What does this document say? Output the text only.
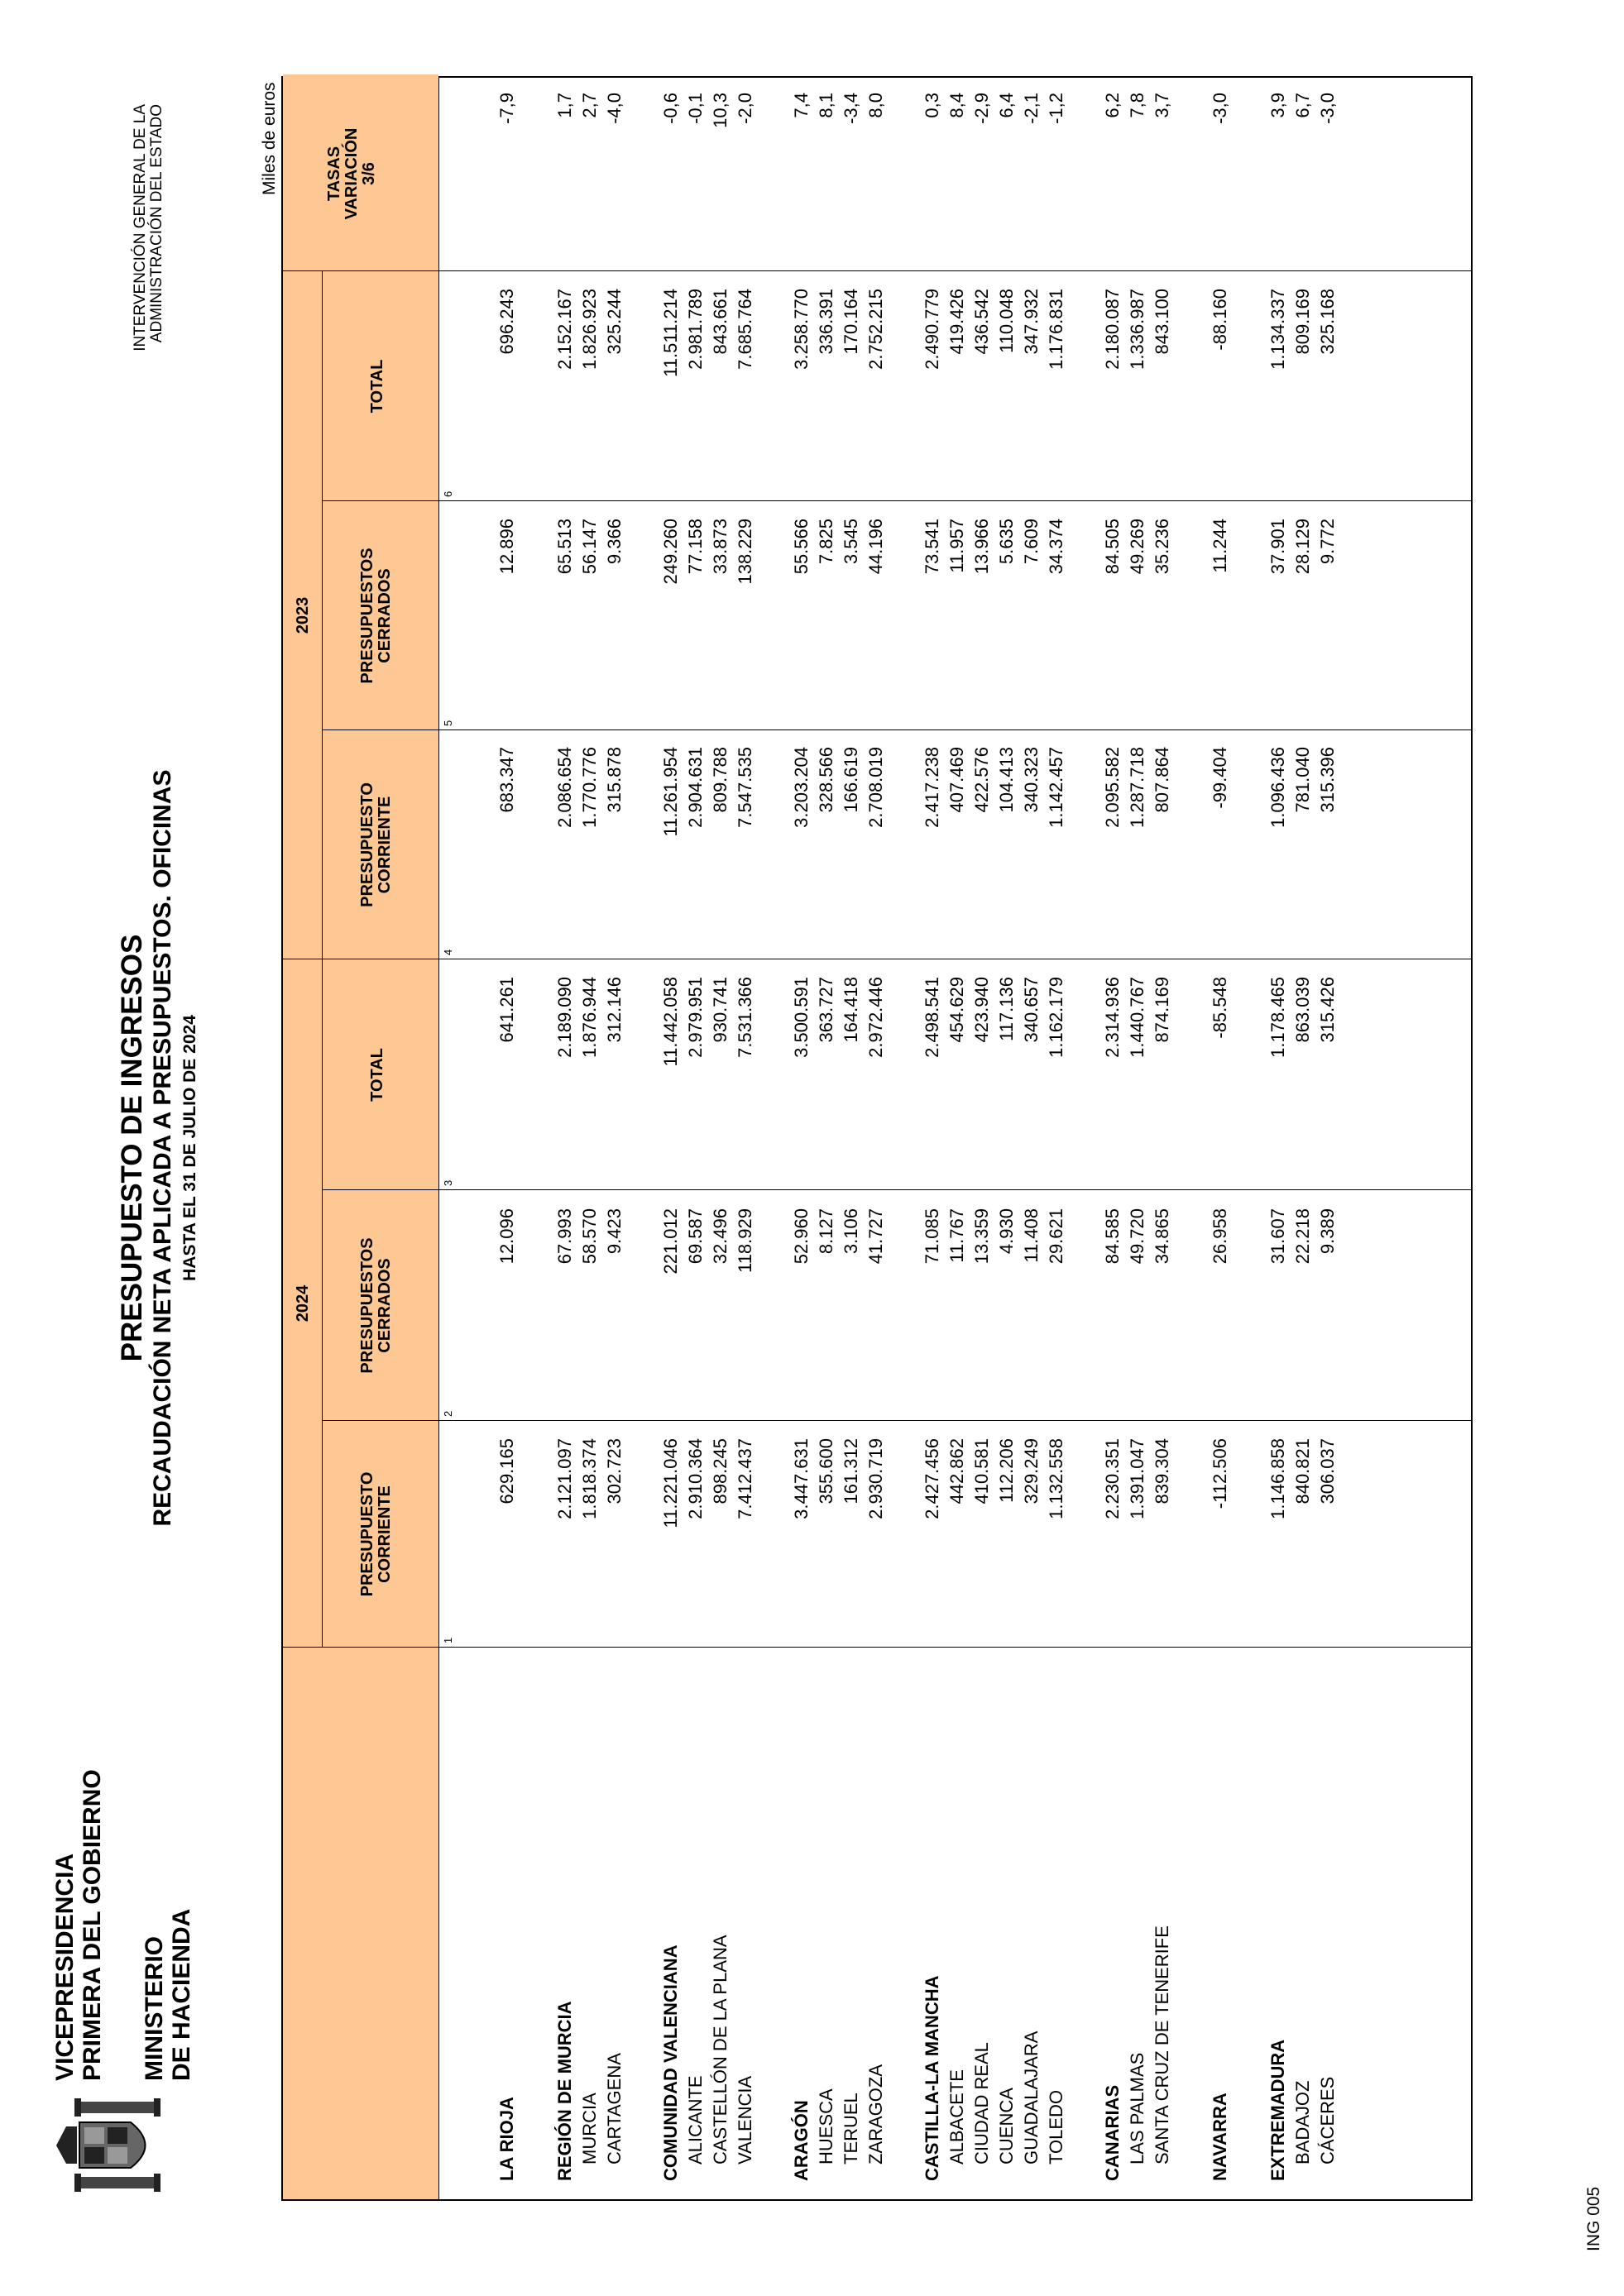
VICEPRESIDENCIA PRIMERA DEL GOBIERNO MINISTERIO DE HACIENDA
PRESUPUESTO DE INGRESOS RECAUDACIÓN NETA APLICADA A PRESUPUESTOS. OFICINAS HASTA EL 31 DE JULIO DE 2024
INTERVENCIÓN GENERAL DE LA ADMINISTRACIÓN DEL ESTADO	Miles de euros
2024
2023
PRESUPUESTO CORRIENTE
PRESUPUESTOS CERRADOS
TOTAL
PRESUPUESTO CORRIENTE
PRESUPUESTOS CERRADOS
TOTAL
TASAS VARIACIÓN 3/6
1
2
3
4
5
6
LA RIOJA
629.165
12.096
641.261
683.347
12.896
696.243
-7,9
REGIÓN DE MURCIA
2.121.097
67.993
2.189.090
2.086.654
65.513
2.152.167
1,7
MURCIA
1.818.374
58.570
1.876.944
1.770.776
56.147
1.826.923
2,7
CARTAGENA
302.723
9.423
312.146
315.878
9.366
325.244
-4,0
COMUNIDAD VALENCIANA
11.221.046
221.012
11.442.058
11.261.954
249.260
11.511.214
-0,6
ALICANTE
2.910.364
69.587
2.979.951
2.904.631
77.158
2.981.789
-0,1
CASTELLÓN DE LA PLANA
898.245
32.496
930.741
809.788
33.873
843.661
10,3
VALENCIA
7.412.437
118.929
7.531.366
7.547.535
138.229
7.685.764
-2,0
ARAGÓN
3.447.631
52.960
3.500.591
3.203.204
55.566
3.258.770
7,4
HUESCA
355.600
8.127
363.727
328.566
7.825
336.391
8,1
TERUEL
161.312
3.106
164.418
166.619
3.545
170.164
-3,4
ZARAGOZA
2.930.719
41.727
2.972.446
2.708.019
44.196
2.752.215
8,0
CASTILLA-LA MANCHA
2.427.456
71.085
2.498.541
2.417.238
73.541
2.490.779
0,3
ALBACETE
442.862
11.767
454.629
407.469
11.957
419.426
8,4
CIUDAD REAL
410.581
13.359
423.940
422.576
13.966
436.542
-2,9
CUENCA
112.206
4.930
117.136
104.413
5.635
110.048
6,4
GUADALAJARA
329.249
11.408
340.657
340.323
7.609
347.932
-2,1
TOLEDO
1.132.558
29.621
1.162.179
1.142.457
34.374
1.176.831
-1,2
CANARIAS
2.230.351
84.585
2.314.936
2.095.582
84.505
2.180.087
6,2
LAS PALMAS
1.391.047
49.720
1.440.767
1.287.718
49.269
1.336.987
7,8
SANTA CRUZ DE TENERIFE
839.304
34.865
874.169
807.864
35.236
843.100
3,7
NAVARRA
-112.506
26.958
-85.548
-99.404
11.244
-88.160
-3,0
EXTREMADURA
1.146.858
31.607
1.178.465
1.096.436
37.901
1.134.337
3,9
BADAJOZ
840.821
22.218
863.039
781.040
28.129
809.169
6,7
CÁCERES
306.037
9.389
315.426
315.396
9.772
325.168
-3,0
ING 005
